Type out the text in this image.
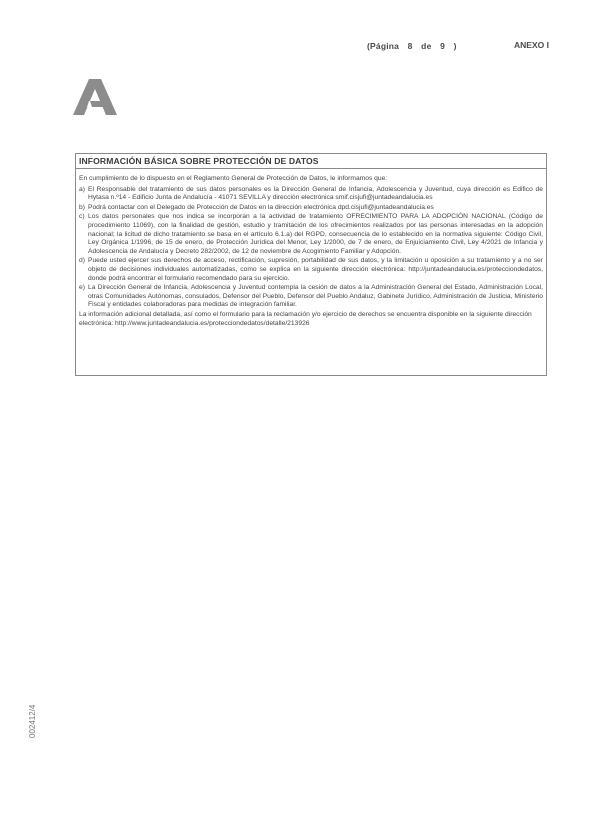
(Página 8 de 9 )	ANEXO I
INFORMACIÓN BÁSICA SOBRE PROTECCIÓN DE DATOS

En cumplimiento de lo dispuesto en el Reglamento General de Protección de Datos, le informamos que:

a) El Responsable del tratamiento de sus datos personales es la Dirección General de Infancia, Adolescencia y Juventud, cuya dirección es Edifico de Hytasa n.º14 - Edificio Junta de Andalucía - 41071 SEVILLA y dirección electrónica smif.cisjufi@juntadeandalucia.es
b) Podrá contactar con el Delegado de Protección de Datos en la dirección electrónica dpd.cisjufi@juntadeandalucia.es
c) Los datos personales que nos indica se incorporan a la actividad de tratamiento OFRECIMIENTO PARA LA ADOPCIÓN NACIONAL (Código de procedimiento 11069), con la finalidad de gestión, estudio y tramitación de los ofrecimientos realizados por las personas interesadas en la adopción nacional; la licitud de dicho tratamiento se basa en el artículo 6.1.a) del RGPD, consecuencia de lo establecido en la normativa siguiente: Código Civil, Ley Orgánica 1/1996, de 15 de enero, de Protección Jurídica del Menor, Ley 1/2000, de 7 de enero, de Enjuiciamiento Civil, Ley 4/2021 de Infancia y Adolescencia de Andalucía y Decreto 282/2002, de 12 de noviembre de Acogimiento Familiar y Adopción.
d) Puede usted ejercer sus derechos de acceso, rectificación, supresión, portabilidad de sus datos, y la limitación u oposición a su tratamiento y a no ser objeto de decisiones individuales automatizadas, como se explica en la siguiente dirección electrónica: http://juntadeandalucia.es/protecciondedatos, donde podrá encontrar el formulario recomendado para su ejercicio.
e) La Dirección General de Infancia, Adolescencia y Juventud contempla la cesión de datos a la Administración General del Estado, Administración Local, otras Comunidades Autónomas, consulados, Defensor del Pueblo, Defensor del Pueblo Andaluz, Gabinete Jurídico, Administración de Justicia, Ministerio Fiscal y entidades colaboradoras para medidas de integración familiar.

La información adicional detallada, así como el formulario para la reclamación y/o ejercicio de derechos se encuentra disponible en la siguiente dirección electrónica: http://www.juntadeandalucia.es/protecciondedatos/detalle/213926

002412/4
